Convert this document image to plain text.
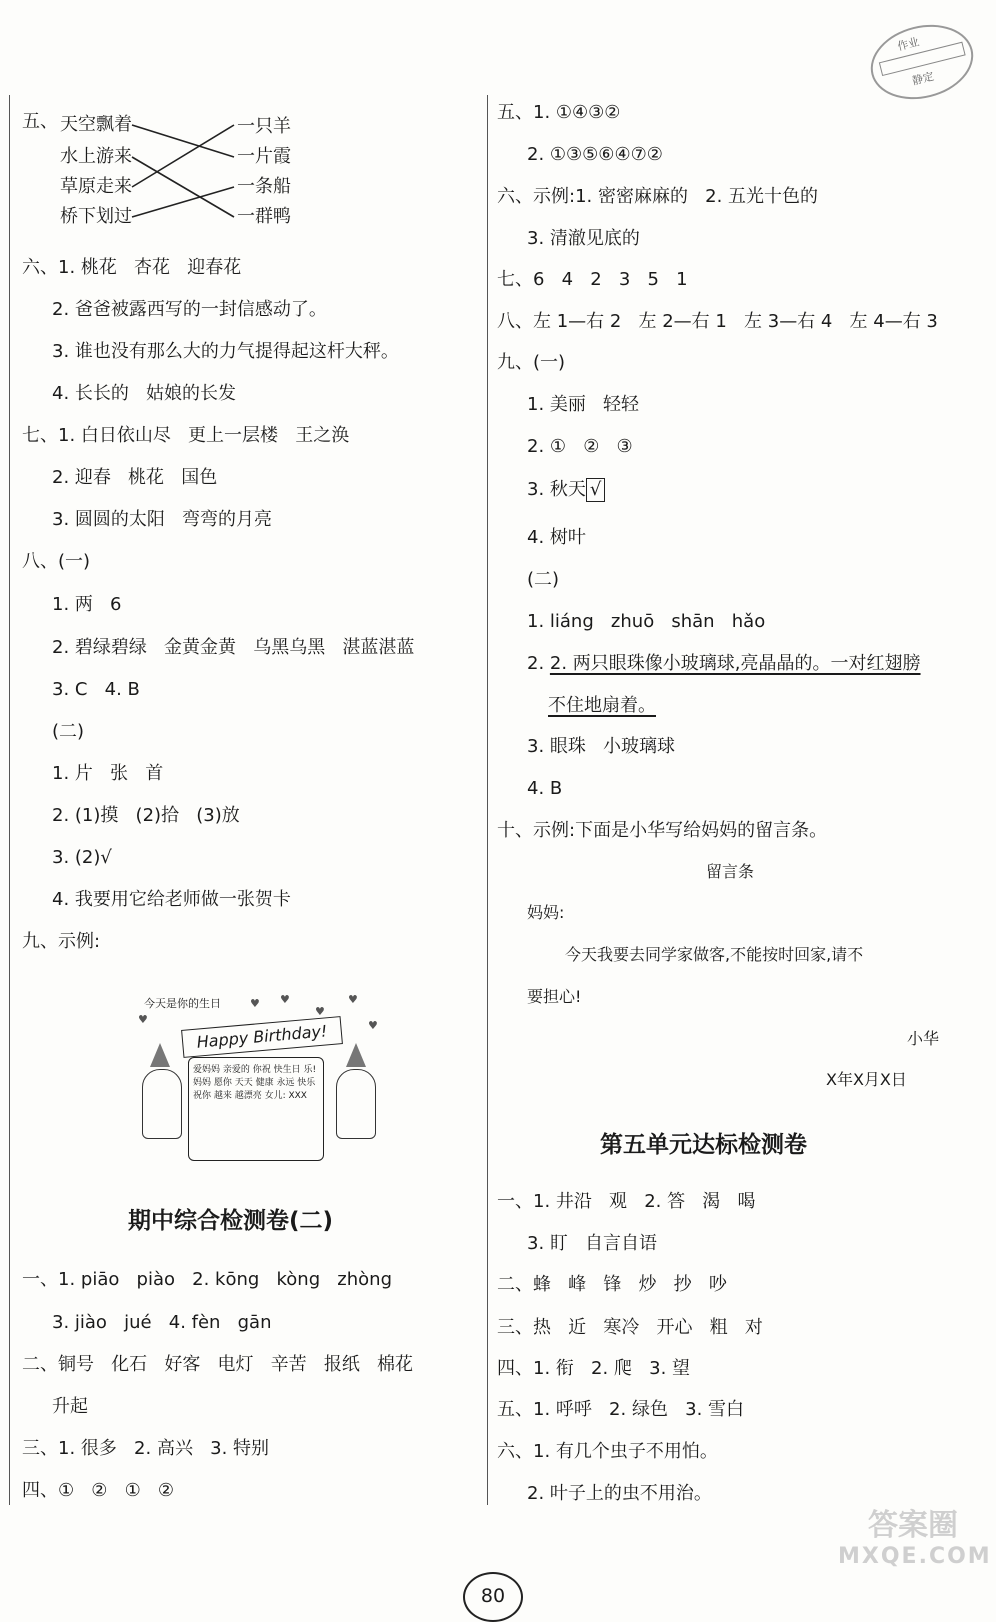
作业
静定
五、 天空飘着
水上游来
草原走来
桥下划过
一只羊
一片霞
一条船
一群鸭
六、1. 桃花   杏花   迎春花
2. 爸爸被露西写的一封信感动了。
3. 谁也没有那么大的力气提得起这杆大秤。
4. 长长的   姑娘的长发
七、1. 白日依山尽   更上一层楼   王之涣
2. 迎春   桃花   国色
3. 圆圆的太阳   弯弯的月亮
八、(一)
1. 两   6
2. 碧绿碧绿   金黄金黄   乌黑乌黑   湛蓝湛蓝
3. C   4. B
(二)
1. 片   张   首
2. (1)摸   (2)拾   (3)放
3. (2)√
4. 我要用它给老师做一张贺卡
九、示例:
今天是你的生日	♥ ♥
♥
♥
♥	♥
Happy Birthday!
爱妈妈 亲爱的 你祝 快生日 乐! 妈妈 愿你 天天 健康 永远 快乐 祝你 越来 越漂亮 女儿: XXX
期中综合检测卷(二)
一、1. piāo   piào   2. kōng   kòng   zhòng
3. jiào   jué   4. fèn   gān
二、铜号   化石   好客   电灯   辛苦   报纸   棉花
升起
三、1. 很多   2. 高兴   3. 特别
四、①   ②   ①   ②
五、1. ①④③②
2. ①③⑤⑥④⑦②
六、示例:1. 密密麻麻的   2. 五光十色的
3. 清澈见底的
七、6   4   2   3   5   1
八、左 1—右 2   左 2—右 1   左 3—右 4   左 4—右 3
九、(一)
1. 美丽   轻轻
2. ①   ②   ③
3. 秋天 √
4. 树叶
(二)
1. liáng   zhuō   shān   hǎo
2. 2. 两只眼珠像小玻璃球,亮晶晶的。一对红翅膀
不住地扇着。
3. 眼珠   小玻璃球
4. B
十、示例:下面是小华写给妈妈的留言条。
留言条
妈妈:
今天我要去同学家做客,不能按时回家,请不
要担心!
小华
X年X月X日
第五单元达标检测卷
一、1. 井沿   观   2. 答   渴   喝
3. 盯   自言自语
二、蜂   峰   锋   炒   抄   吵
三、热   近   寒冷   开心   粗   对
四、1. 衔   2. 爬   3. 望
五、1. 呼呼   2. 绿色   3. 雪白
六、1. 有几个虫子不用怕。
2. 叶子上的虫不用治。
80
答案圈
MXQE.COM
